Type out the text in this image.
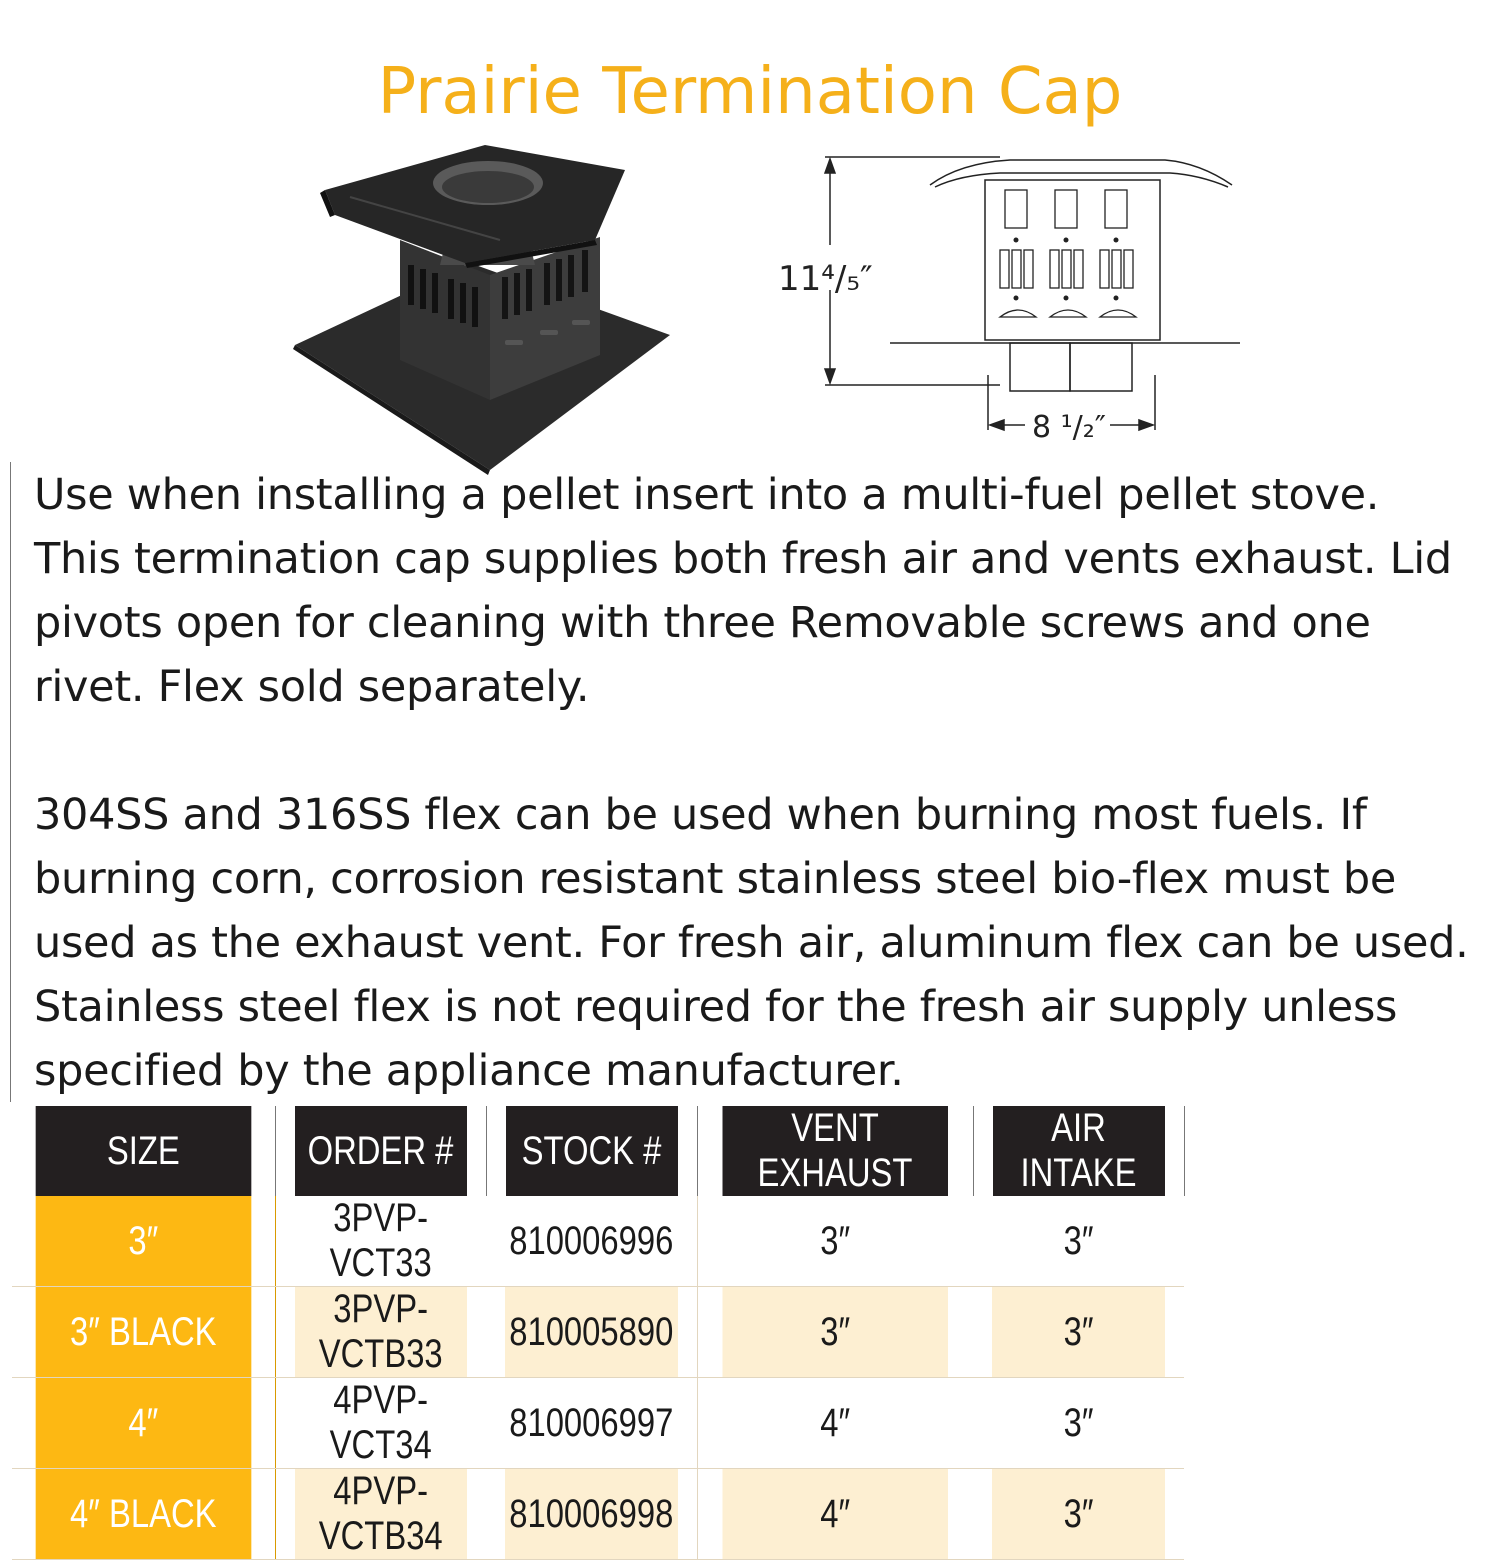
Prairie Termination Cap
11⁴/₅″
8 ¹/₂″

Use when installing a pellet insert into a multi-fuel pellet stove. This termination cap supplies both fresh air and vents exhaust. Lid pivots open for cleaning with three Removable screws and one rivet. Flex sold separately.

304SS and 316SS flex can be used when burning most fuels. If burning corn, corrosion resistant stainless steel bio-flex must be used as the exhaust vent. For fresh air, aluminum flex can be used. Stainless steel flex is not required for the fresh air supply unless specified by the appliance manufacturer.

SIZE	ORDER #	STOCK #	VENT EXHAUST	AIR INTAKE
3″	3PVP-VCT33	810006996	3″	3″
3″ BLACK	3PVP-VCTB33	810005890	3″	3″
4″	4PVP-VCT34	810006997	4″	3″
4″ BLACK	4PVP-VCTB34	810006998	4″	3″
